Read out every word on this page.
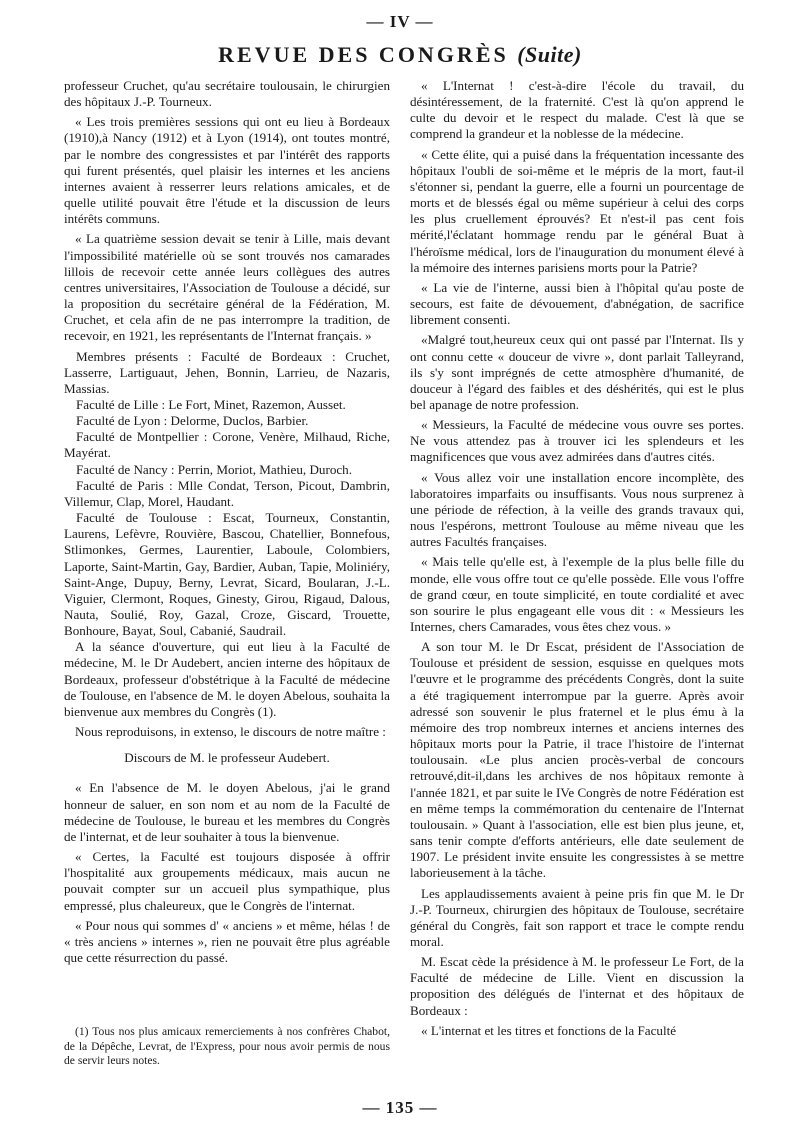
— IV —
REVUE DES CONGRÈS (Suite)

professeur Cruchet, qu'au secrétaire toulousain, le chirurgien des hôpitaux J.-P. Tourneux.

« Les trois premières sessions qui ont eu lieu à Bordeaux (1910),à Nancy (1912) et à Lyon (1914), ont toutes montré, par le nombre des congressistes et par l'intérêt des rapports qui furent présentés, quel plaisir les internes et les anciens internes avaient à resserrer leurs relations amicales, et de quelle utilité pouvait être l'étude et la discussion de leurs intérêts communs.

« La quatrième session devait se tenir à Lille, mais devant l'impossibilité matérielle où se sont trouvés nos camarades lillois de recevoir cette année leurs collègues des autres centres universitaires, l'Association de Toulouse a décidé, sur la proposition du secrétaire général de la Fédération, M. Cruchet, et cela afin de ne pas interrompre la tradition, de recevoir, en 1921, les représentants de l'Internat français. »

Membres présents : Faculté de Bordeaux : Cruchet, Lasserre, Lartiguaut, Jehen, Bonnin, Larrieu, de Nazaris, Massias.

Faculté de Lille : Le Fort, Minet, Razemon, Ausset.

Faculté de Lyon : Delorme, Duclos, Barbier.

Faculté de Montpellier : Corone, Venère, Milhaud, Riche, Mayérat.

Faculté de Nancy : Perrin, Moriot, Mathieu, Duroch.

Faculté de Paris : Mlle Condat, Terson, Picout, Dambrin, Villemur, Clap, Morel, Haudant.

Faculté de Toulouse : Escat, Tourneux, Constantin, Laurens, Lefèvre, Rouvière, Bascou, Chatellier, Bonnefous, Stlimonkes, Germes, Laurentier, Laboule, Colombiers, Laporte, Saint-Martin, Gay, Bardier, Auban, Tapie, Moliniéry, Saint-Ange, Dupuy, Berny, Levrat, Sicard, Boularan, J.-L. Viguier, Clermont, Roques, Ginesty, Girou, Rigaud, Dalous, Nauta, Soulié, Roy, Gazal, Croze, Giscard, Trouette, Bonhoure, Bayat, Soul, Cabanié, Saudrail.

A la séance d'ouverture, qui eut lieu à la Faculté de médecine, M. le Dr Audebert, ancien interne des hôpitaux de Bordeaux, professeur d'obstétrique à la Faculté de médecine de Toulouse, en l'absence de M. le doyen Abelous, souhaita la bienvenue aux membres du Congrès (1).

Nous reproduisons, in extenso, le discours de notre maître :

Discours de M. le professeur Audebert.

« En l'absence de M. le doyen Abelous, j'ai le grand honneur de saluer, en son nom et au nom de la Faculté de médecine de Toulouse, le bureau et les membres du Congrès de l'internat, et de leur souhaiter à tous la bienvenue.

« Certes, la Faculté est toujours disposée à offrir l'hospitalité aux groupements médicaux, mais aucun ne pouvait compter sur un accueil plus sympathique, plus empressé, plus chaleureux, que le Congrès de l'internat.

« Pour nous qui sommes d' « anciens » et même, hélas ! de « très anciens » internes », rien ne pouvait être plus agréable que cette résurrection du passé.

« L'Internat ! c'est-à-dire l'école du travail, du désintéressement, de la fraternité. C'est là qu'on apprend le culte du devoir et le respect du malade. C'est là que se comprend la grandeur et la noblesse de la médecine.

« Cette élite, qui a puisé dans la fréquentation incessante des hôpitaux l'oubli de soi-même et le mépris de la mort, faut-il s'étonner si, pendant la guerre, elle a fourni un pourcentage de morts et de blessés égal ou même supérieur à celui des corps les plus cruellement éprouvés? Et n'est-il pas cent fois mérité,l'éclatant hommage rendu par le général Buat à l'héroïsme médical, lors de l'inauguration du monument élevé à la mémoire des internes parisiens morts pour la Patrie?

« La vie de l'interne, aussi bien à l'hôpital qu'au poste de secours, est faite de dévouement, d'abnégation, de sacrifice librement consenti.

«Malgré tout,heureux ceux qui ont passé par l'Internat. Ils y ont connu cette « douceur de vivre », dont parlait Talleyrand, ils s'y sont imprégnés de cette atmosphère d'humanité, de douceur à l'égard des faibles et des déshérités, qui est le plus bel apanage de notre profession.

« Messieurs, la Faculté de médecine vous ouvre ses portes. Ne vous attendez pas à trouver ici les splendeurs et les magnificences que vous avez admirées dans d'autres cités.

« Vous allez voir une installation encore incomplète, des laboratoires imparfaits ou insuffisants. Vous nous surprenez à une période de réfection, à la veille des grands travaux qui, nous l'espérons, mettront Toulouse au même niveau que les autres Facultés françaises.

« Mais telle qu'elle est, à l'exemple de la plus belle fille du monde, elle vous offre tout ce qu'elle possède. Elle vous l'offre de grand cœur, en toute simplicité, en toute cordialité et avec son sourire le plus engageant elle vous dit : « Messieurs les Internes, chers Camarades, vous êtes chez vous. »

A son tour M. le Dr Escat, président de l'Association de Toulouse et président de session, esquisse en quelques mots l'œuvre et le programme des précédents Congrès, dont la suite a été tragiquement interrompue par la guerre. Après avoir adressé son souvenir le plus fraternel et le plus ému à la mémoire des trop nombreux internes et anciens internes des hôpitaux morts pour la Patrie, il trace l'histoire de l'internat toulousain. «Le plus ancien procès-verbal de concours retrouvé,dit-il,dans les archives de nos hôpitaux remonte à l'année 1821, et par suite le IVe Congrès de notre Fédération est en même temps la commémoration du centenaire de l'Internat toulousain. » Quant à l'association, elle est bien plus jeune, et, sans tenir compte d'efforts antérieurs, elle date seulement de 1907. Le président invite ensuite les congressistes à se mettre laborieusement à la tâche.

Les applaudissements avaient à peine pris fin que M. le Dr J.-P. Tourneux, chirurgien des hôpitaux de Toulouse, secrétaire général du Congrès, fait son rapport et trace le compte rendu moral.

M. Escat cède la présidence à M. le professeur Le Fort, de la Faculté de médecine de Lille. Vient en discussion la proposition des délégués de l'internat et des hôpitaux de Bordeaux :

« L'internat et les titres et fonctions de la Faculté

(1) Tous nos plus amicaux remerciements à nos confrères Chabot, de la Dépêche, Levrat, de l'Express, pour nous avoir permis de nous de servir leurs notes.

— 135 —
